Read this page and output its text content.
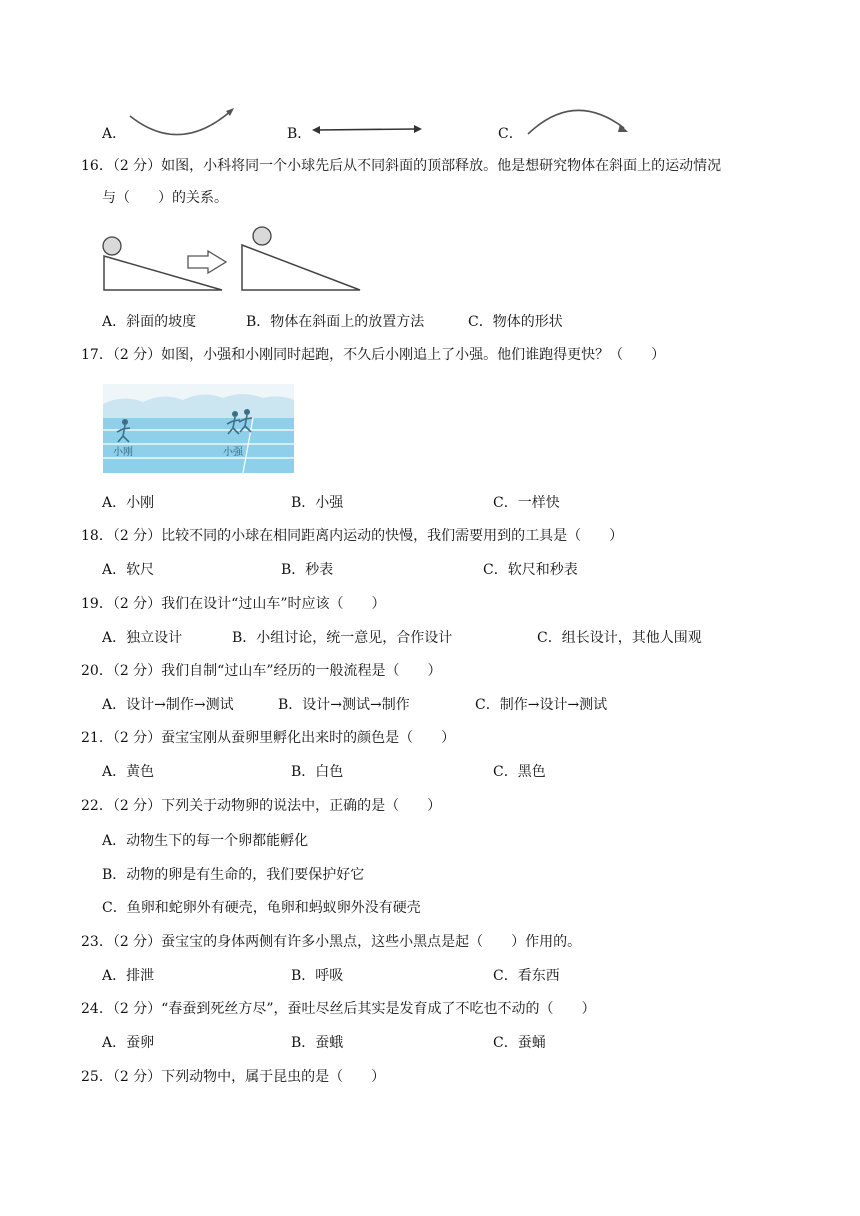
A．	B．	C．
16．（2 分）如图，小科将同一个小球先后从不同斜面的顶部释放。他是想研究物体在斜面上的运动情况
与（　　）的关系。
A．斜面的坡度	B．物体在斜面上的放置方法	C．物体的形状
17．（2 分）如图，小强和小刚同时起跑，不久后小刚追上了小强。他们谁跑得更快？（　　）
小刚	小强
A．小刚	B．小强	C．一样快
18．（2 分）比较不同的小球在相同距离内运动的快慢，我们需要用到的工具是（　　）
A．软尺	B．秒表	C．软尺和秒表
19．（2 分）我们在设计“过山车”时应该（　　）
A．独立设计	B．小组讨论，统一意见，合作设计	C．组长设计，其他人围观
20．（2 分）我们自制“过山车”经历的一般流程是（　　）
A．设计→制作→测试	B．设计→测试→制作	C．制作→设计→测试
21．（2 分）蚕宝宝刚从蚕卵里孵化出来时的颜色是（　　）
A．黄色	B．白色	C．黑色
22．（2 分）下列关于动物卵的说法中，正确的是（　　）
A．动物生下的每一个卵都能孵化
B．动物的卵是有生命的，我们要保护好它
C．鱼卵和蛇卵外有硬壳，龟卵和蚂蚁卵外没有硬壳
23．（2 分）蚕宝宝的身体两侧有许多小黑点，这些小黑点是起（　　）作用的。
A．排泄	B．呼吸	C．看东西
24．（2 分）“春蚕到死丝方尽”，蚕吐尽丝后其实是发育成了不吃也不动的（　　）
A．蚕卵	B．蚕蛾	C．蚕蛹
25．（2 分）下列动物中，属于昆虫的是（　　）
